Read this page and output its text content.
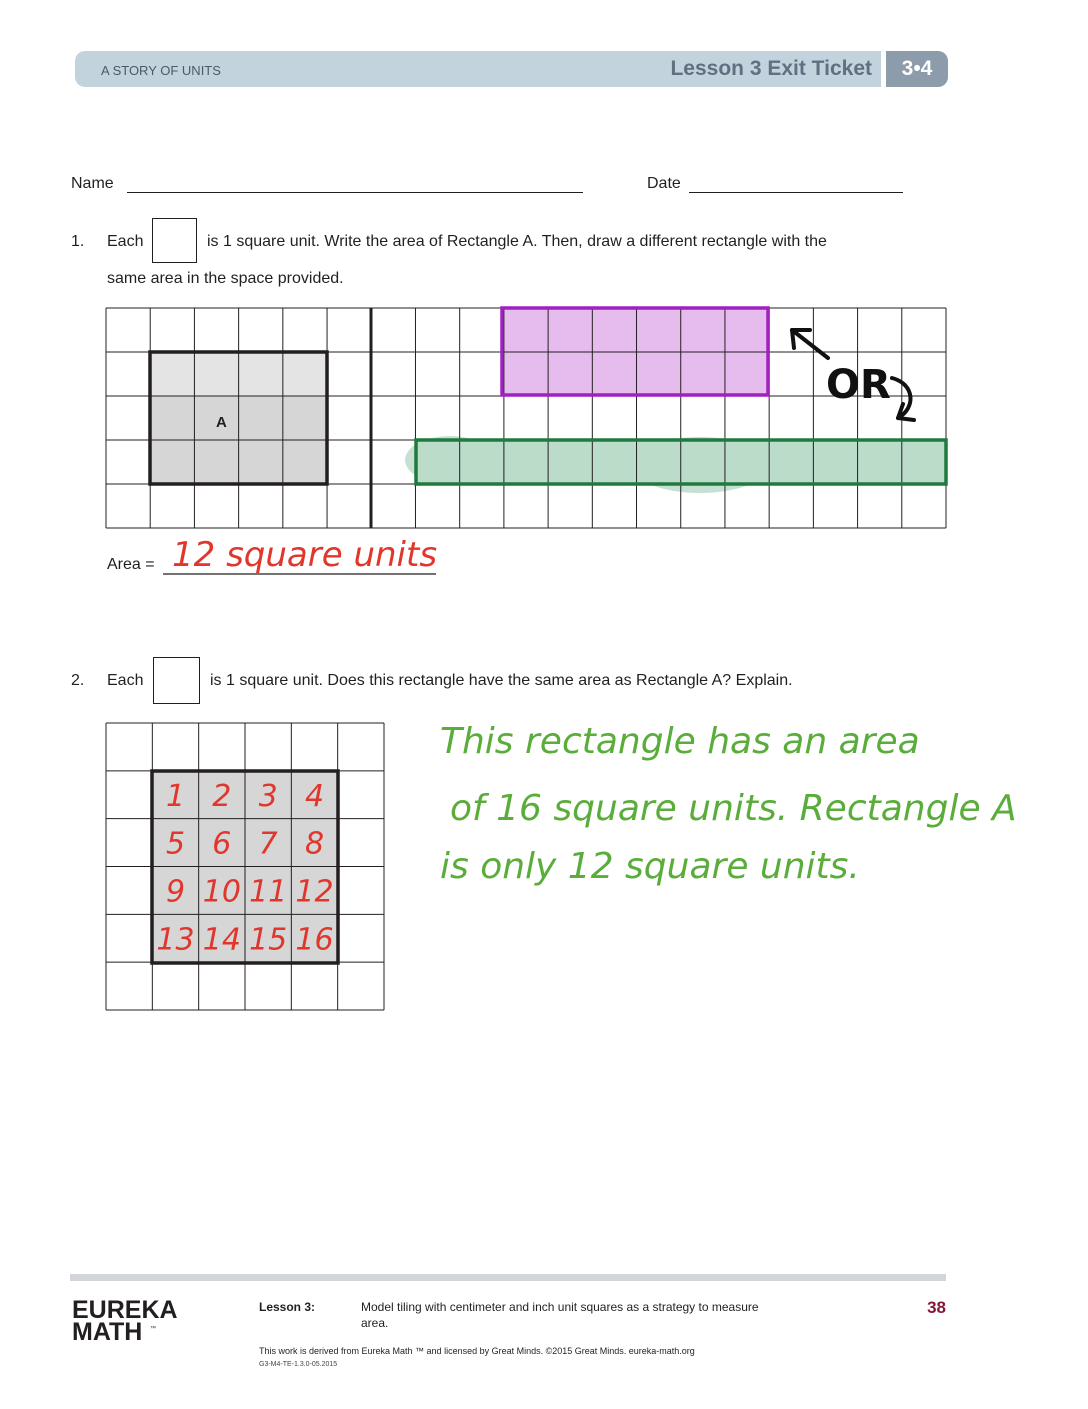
A STORY OF UNITS	Lesson 3 Exit Ticket	3•4
Name	Date
1. Each	is 1 square unit. Write the area of Rectangle A. Then, draw a different rectangle with the
same area in the space provided.
A
OR
12 square units
Area =
2. Each	is 1 square unit. Does this rectangle have the same area as Rectangle A? Explain.
1 2 3 4
5 6 7 8
9 10 11 12
13 14 15 16
This rectangle has an area
of 16 square units. Rectangle A
is only 12 square units.
EUREKA
MATH ™
Lesson 3:	Model tiling with centimeter and inch unit squares as a strategy to measure area.
38
This work is derived from Eureka Math ™ and licensed by Great Minds. ©2015 Great Minds. eureka-math.org
G3-M4-TE-1.3.0-05.2015
